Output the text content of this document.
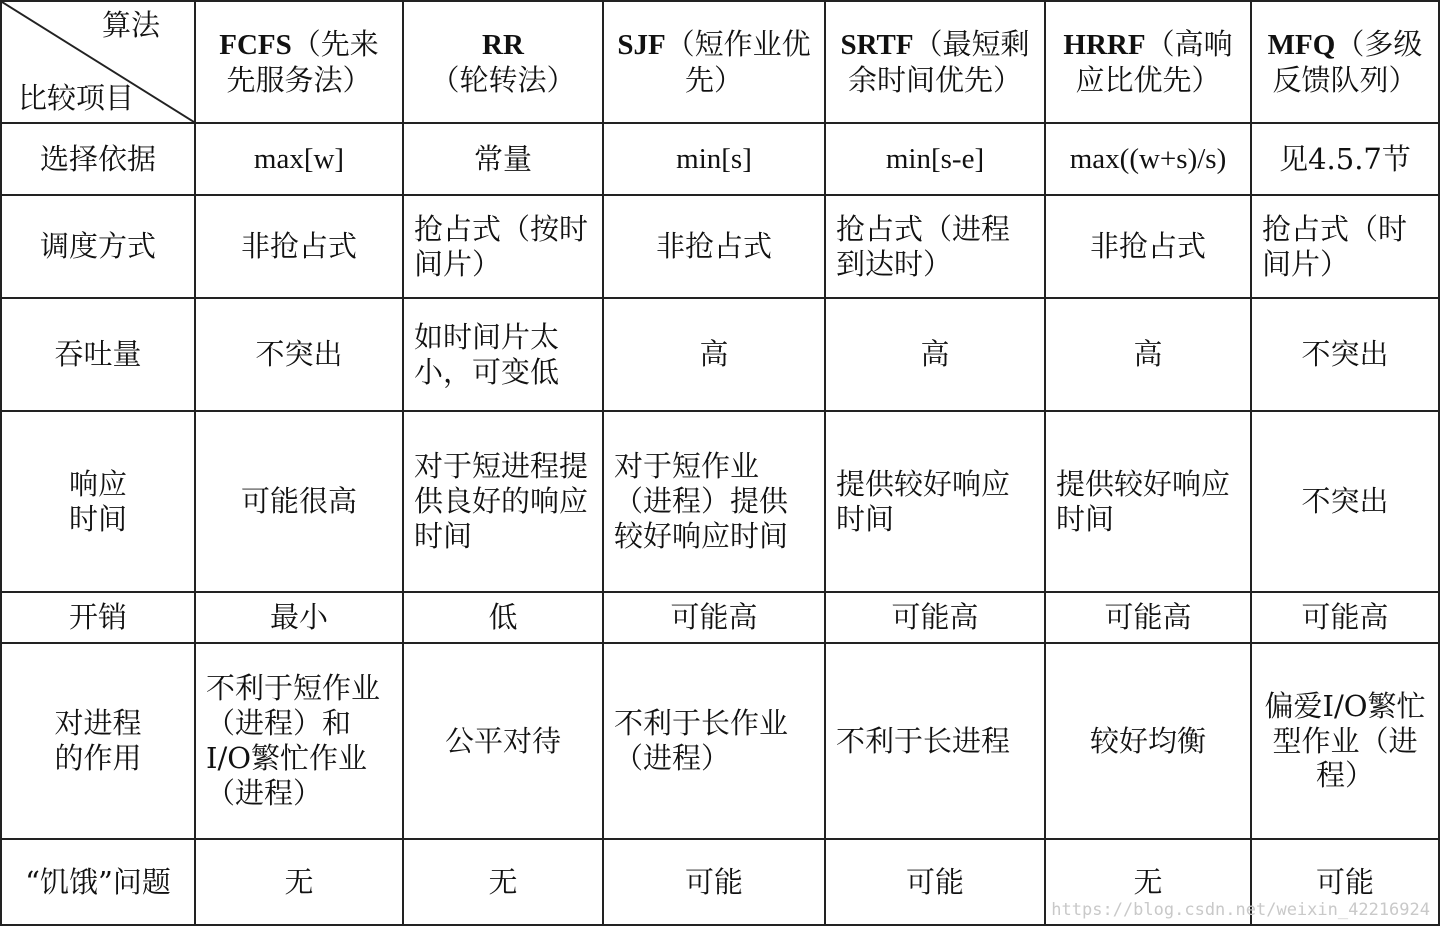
算法
比较项目	FCFS（先来先服务法）	RR（轮转法）	SJF（短作业优先）	SRTF（最短剩余时间优先）	HRRF（高响应比优先）	MFQ（多级反馈队列）
选择依据	max[w]	常量	min[s]	min[s-e]	max((w+s)/s)	见4.5.7节
调度方式	非抢占式	抢占式（按时间片）	非抢占式	抢占式（进程到达时）	非抢占式	抢占式（时间片）
吞吐量	不突出	如时间片太小，可变低	高	高	高	不突出
响应时间	可能很高	对于短进程提供良好的响应时间	对于短作业（进程）提供较好响应时间	提供较好响应时间	提供较好响应时间	不突出
开销	最小	低	可能高	可能高	可能高	可能高
对进程的作用	不利于短作业（进程）和I/O繁忙作业（进程）	公平对待	不利于长作业（进程）	不利于长进程	较好均衡	偏爱I/O繁忙型作业（进程）
“饥饿”问题	无	无	可能	可能	无	可能
https://blog.csdn.net/weixin_42216924
